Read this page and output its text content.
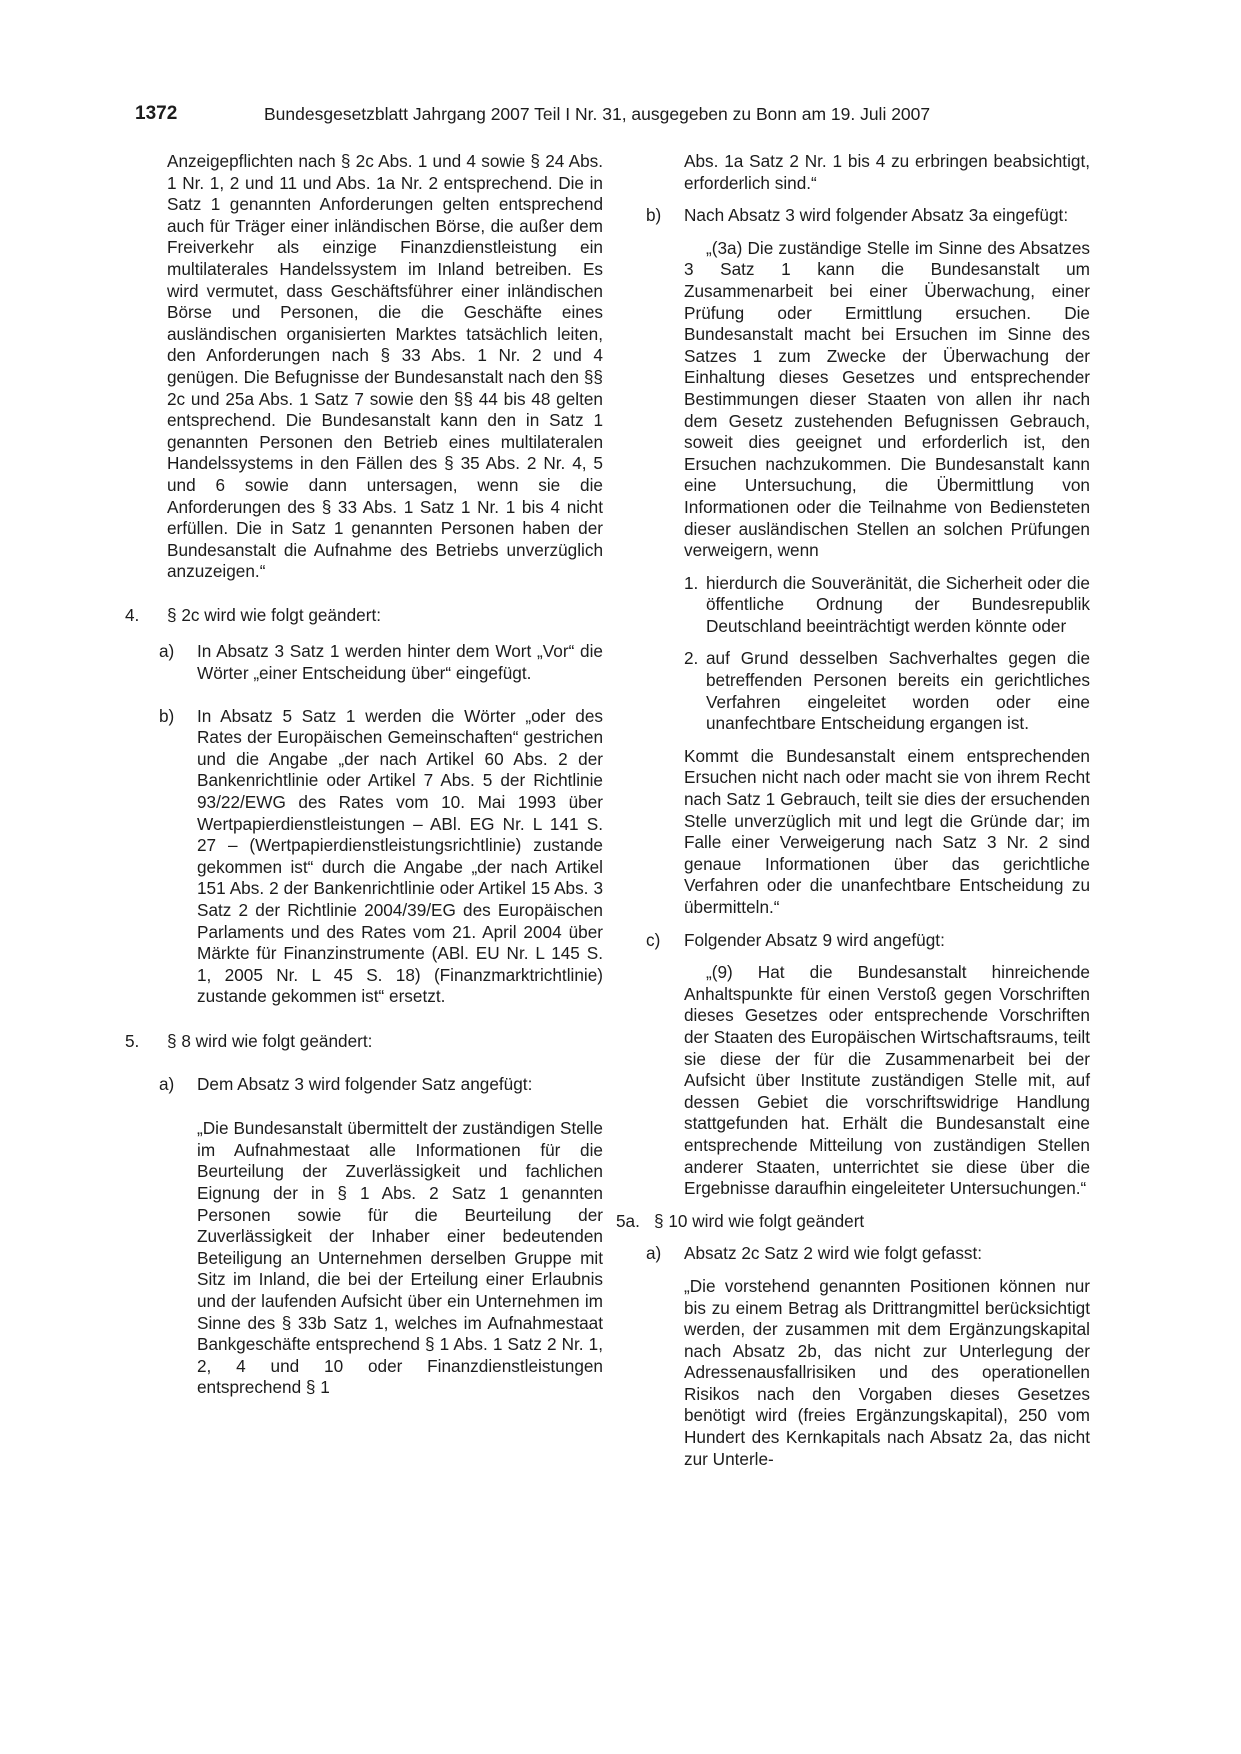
1372	Bundesgesetzblatt Jahrgang 2007 Teil I Nr. 31, ausgegeben zu Bonn am 19. Juli 2007

Anzeigepflichten nach § 2c Abs. 1 und 4 sowie § 24 Abs. 1 Nr. 1, 2 und 11 und Abs. 1a Nr. 2 entsprechend. Die in Satz 1 genannten Anforderungen gelten entsprechend auch für Träger einer inländischen Börse, die außer dem Freiverkehr als einzige Finanzdienstleistung ein multilaterales Handelssystem im Inland betreiben. Es wird vermutet, dass Geschäftsführer einer inländischen Börse und Personen, die die Geschäfte eines ausländischen organisierten Marktes tatsächlich leiten, den Anforderungen nach § 33 Abs. 1 Nr. 2 und 4 genügen. Die Befugnisse der Bundesanstalt nach den §§ 2c und 25a Abs. 1 Satz 7 sowie den §§ 44 bis 48 gelten entsprechend. Die Bundesanstalt kann den in Satz 1 genannten Personen den Betrieb eines multilateralen Handelssystems in den Fällen des § 35 Abs. 2 Nr. 4, 5 und 6 sowie dann untersagen, wenn sie die Anforderungen des § 33 Abs. 1 Satz 1 Nr. 1 bis 4 nicht erfüllen. Die in Satz 1 genannten Personen haben der Bundesanstalt die Aufnahme des Betriebs unverzüglich anzuzeigen.“

4. § 2c wird wie folgt geändert:

a) In Absatz 3 Satz 1 werden hinter dem Wort „Vor“ die Wörter „einer Entscheidung über“ eingefügt.

b) In Absatz 5 Satz 1 werden die Wörter „oder des Rates der Europäischen Gemeinschaften“ gestrichen und die Angabe „der nach Artikel 60 Abs. 2 der Bankenrichtlinie oder Artikel 7 Abs. 5 der Richtlinie 93/22/EWG des Rates vom 10. Mai 1993 über Wertpapierdienstleistungen – ABl. EG Nr. L 141 S. 27 – (Wertpapierdienstleistungsrichtlinie) zustande gekommen ist“ durch die Angabe „der nach Artikel 151 Abs. 2 der Bankenrichtlinie oder Artikel 15 Abs. 3 Satz 2 der Richtlinie 2004/39/EG des Europäischen Parlaments und des Rates vom 21. April 2004 über Märkte für Finanzinstrumente (ABl. EU Nr. L 145 S. 1, 2005 Nr. L 45 S. 18) (Finanzmarktrichtlinie) zustande gekommen ist“ ersetzt.

5. § 8 wird wie folgt geändert:

a) Dem Absatz 3 wird folgender Satz angefügt:

„Die Bundesanstalt übermittelt der zuständigen Stelle im Aufnahmestaat alle Informationen für die Beurteilung der Zuverlässigkeit und fachlichen Eignung der in § 1 Abs. 2 Satz 1 genannten Personen sowie für die Beurteilung der Zuverlässigkeit der Inhaber einer bedeutenden Beteiligung an Unternehmen derselben Gruppe mit Sitz im Inland, die bei der Erteilung einer Erlaubnis und der laufenden Aufsicht über ein Unternehmen im Sinne des § 33b Satz 1, welches im Aufnahmestaat Bankgeschäfte entsprechend § 1 Abs. 1 Satz 2 Nr. 1, 2, 4 und 10 oder Finanzdienstleistungen entsprechend § 1

Abs. 1a Satz 2 Nr. 1 bis 4 zu erbringen beabsichtigt, erforderlich sind.“

b) Nach Absatz 3 wird folgender Absatz 3a eingefügt:

„(3a) Die zuständige Stelle im Sinne des Absatzes 3 Satz 1 kann die Bundesanstalt um Zusammenarbeit bei einer Überwachung, einer Prüfung oder Ermittlung ersuchen. Die Bundesanstalt macht bei Ersuchen im Sinne des Satzes 1 zum Zwecke der Überwachung der Einhaltung dieses Gesetzes und entsprechender Bestimmungen dieser Staaten von allen ihr nach dem Gesetz zustehenden Befugnissen Gebrauch, soweit dies geeignet und erforderlich ist, den Ersuchen nachzukommen. Die Bundesanstalt kann eine Untersuchung, die Übermittlung von Informationen oder die Teilnahme von Bediensteten dieser ausländischen Stellen an solchen Prüfungen verweigern, wenn

1. hierdurch die Souveränität, die Sicherheit oder die öffentliche Ordnung der Bundesrepublik Deutschland beeinträchtigt werden könnte oder

2. auf Grund desselben Sachverhaltes gegen die betreffenden Personen bereits ein gerichtliches Verfahren eingeleitet worden oder eine unanfechtbare Entscheidung ergangen ist.

Kommt die Bundesanstalt einem entsprechenden Ersuchen nicht nach oder macht sie von ihrem Recht nach Satz 1 Gebrauch, teilt sie dies der ersuchenden Stelle unverzüglich mit und legt die Gründe dar; im Falle einer Verweigerung nach Satz 3 Nr. 2 sind genaue Informationen über das gerichtliche Verfahren oder die unanfechtbare Entscheidung zu übermitteln.“

c) Folgender Absatz 9 wird angefügt:

„(9) Hat die Bundesanstalt hinreichende Anhaltspunkte für einen Verstoß gegen Vorschriften dieses Gesetzes oder entsprechende Vorschriften der Staaten des Europäischen Wirtschaftsraums, teilt sie diese der für die Zusammenarbeit bei der Aufsicht über Institute zuständigen Stelle mit, auf dessen Gebiet die vorschriftswidrige Handlung stattgefunden hat. Erhält die Bundesanstalt eine entsprechende Mitteilung von zuständigen Stellen anderer Staaten, unterrichtet sie diese über die Ergebnisse daraufhin eingeleiteter Untersuchungen.“

5a. § 10 wird wie folgt geändert

a) Absatz 2c Satz 2 wird wie folgt gefasst:

„Die vorstehend genannten Positionen können nur bis zu einem Betrag als Drittrangmittel berücksichtigt werden, der zusammen mit dem Ergänzungskapital nach Absatz 2b, das nicht zur Unterlegung der Adressenausfallrisiken und des operationellen Risikos nach den Vorgaben dieses Gesetzes benötigt wird (freies Ergänzungskapital), 250 vom Hundert des Kernkapitals nach Absatz 2a, das nicht zur Unterle-
